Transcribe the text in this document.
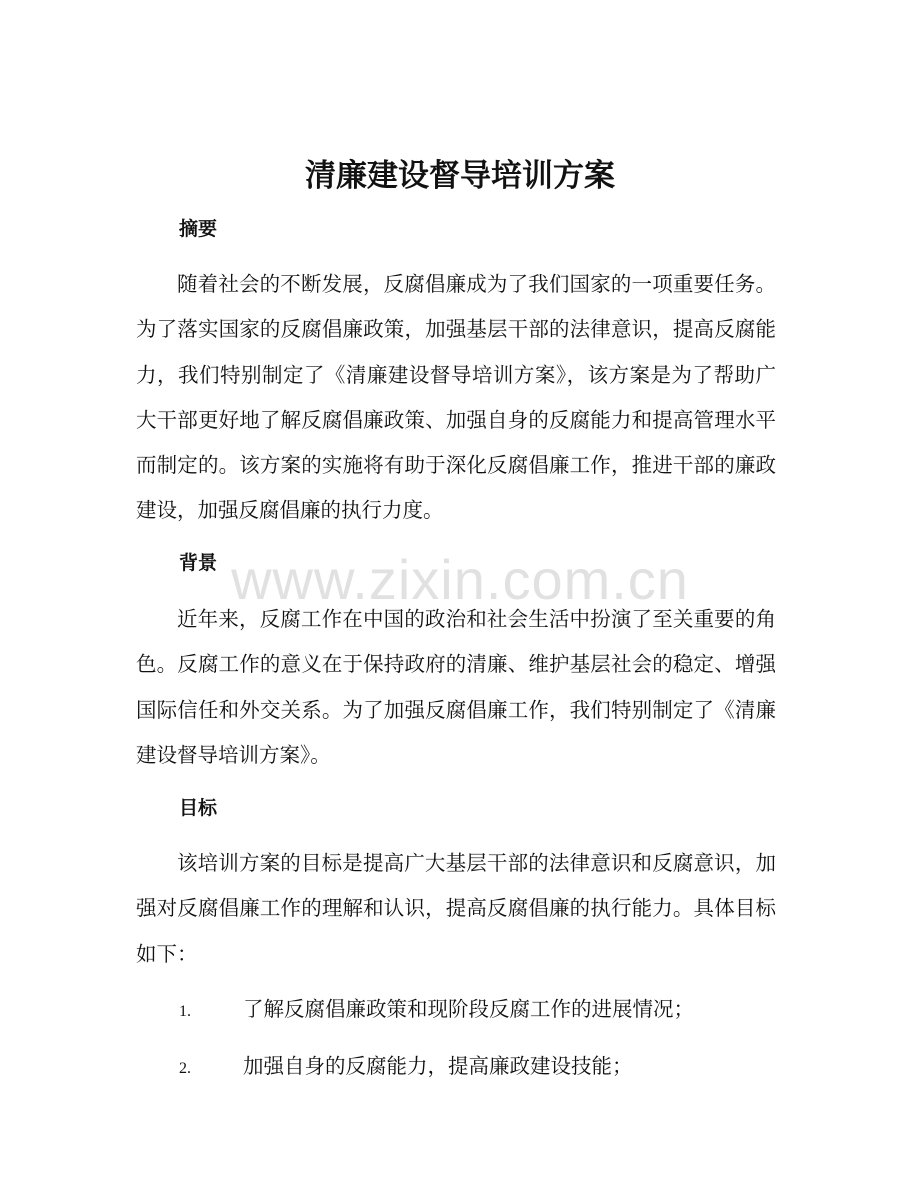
清廉建设督导培训方案
摘要

随着社会的不断发展，反腐倡廉成为了我们国家的一项重要任务。为了落实国家的反腐倡廉政策，加强基层干部的法律意识，提高反腐能力，我们特别制定了《清廉建设督导培训方案》，该方案是为了帮助广大干部更好地了解反腐倡廉政策、加强自身的反腐能力和提高管理水平而制定的。该方案的实施将有助于深化反腐倡廉工作，推进干部的廉政建设，加强反腐倡廉的执行力度。

背景

近年来，反腐工作在中国的政治和社会生活中扮演了至关重要的角色。反腐工作的意义在于保持政府的清廉、维护基层社会的稳定、增强国际信任和外交关系。为了加强反腐倡廉工作，我们特别制定了《清廉建设督导培训方案》。

目标

该培训方案的目标是提高广大基层干部的法律意识和反腐意识，加强对反腐倡廉工作的理解和认识，提高反腐倡廉的执行能力。具体目标如下：

1.	了解反腐倡廉政策和现阶段反腐工作的进展情况；
2.	加强自身的反腐能力，提高廉政建设技能；
www.zixin.com.cn
